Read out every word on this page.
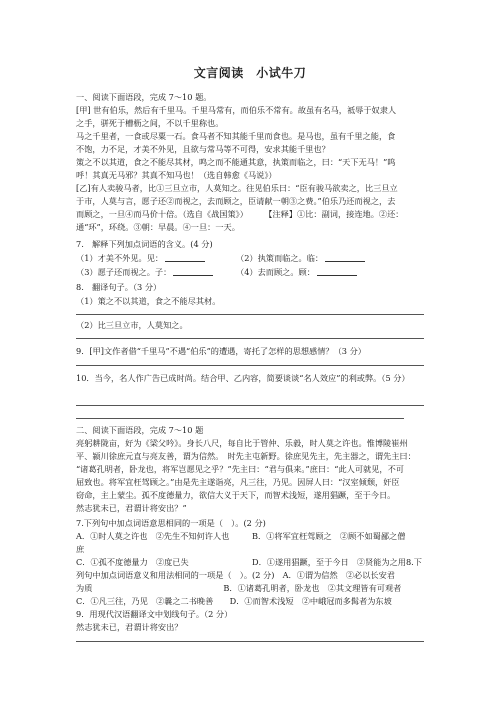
文言阅读　小试牛刀
一、阅读下面语段，完成 7～10 题。
[甲] 世有伯乐，然后有千里马。千里马常有，而伯乐不常有。故虽有名马，祗辱于奴隶人
之手，骈死于槽枥之间，不以千里称也。
马之千里者，一食或尽粟一石。食马者不知其能千里而食也。是马也，虽有千里之能，食
不饱，力不足，才美不外见，且欲与常马等不可得，安求其能千里也？
策之不以其道，食之不能尽其材，鸣之而不能通其意，执策而临之，曰：“天下无马！”呜
呼！其真无马邪？其真不知马也！（选自韩愈《马说》）
[乙]有人卖骏马者，比①三旦立市，人莫知之。往见伯乐曰：“臣有骏马欲卖之，比三旦立
于市，人莫与言，愿子还②而视之，去而顾之，臣请献一朝③之费。”伯乐乃还而视之，去
而顾之，一旦④而马价十倍。（选自《战国策》）　　　【注释】①比：副词，接连地。②还：
通“环”，环绕。③朝：早晨。④一旦：一天。
7.　解释下列加点词语的含义。(4 分)
（1）才美不外见。见：	（2）执策而临之。临：
（3）愿子还而视之。子：	（4）去而顾之。顾：
8.　翻译句子。（3 分）
（1）策之不以其道，食之不能尽其材。
（2）比三旦立市，人莫知之。
9．[甲]文作者借“千里马”不遇“伯乐”的遭遇，寄托了怎样的思想感情？（3 分）
10．当今，名人作广告已成时尚。结合甲、乙内容，简要谈谈“名人效应”的利或弊。（5 分）
二、阅读下面语段，完成 7～10 题
亮躬耕陇亩，好为《梁父吟》。身长八尺，每自比于管仲、乐毅，时人莫之许也。惟博陵崔州
平、颍川徐庶元直与亮友善，谓为信然。　时先主屯新野。徐庶见先主，先主器之，谓先主曰：
“诸葛孔明者，卧龙也，将军岂愿见之乎？”先主曰：“君与俱来。”庶曰：“此人可就见，不可
屈致也。将军宜枉驾顾之。”由是先主遂诣亮，凡三往，乃见。因屏人曰：“汉室倾颓，奸臣
窃命，主上蒙尘。孤不度德量力，欲信大义于天下，而智术浅短，遂用猖蹶，至于今日。
然志犹未已，君谓计将安出？”
7.下列句中加点词语意思相同的一项是（　）。(2 分)
A．①时人莫之许也　②先生不知何许人也	B．①将军宜枉驾顾之　②顾不如蜀鄙之僧
庶
C．①孤不度德量力　②度已失	D．①遂用猖蹶，至于今日　②贤能为之用8.下
列句中加点词语意义和用法相同的一项是（　）。(2 分)　A．①谓为信然　②必以长安君
为质　　　　　　　　　　　　　　　　B．①诸葛孔明者，卧龙也　②其文理皆有可观者
C．①凡三往，乃见　②曩之二书晚善　　D．①而智术浅短　②中峨冠而多髯者为东坡
9．用现代汉语翻译文中划线句子。（2 分）
然志犹未已，君谓计将安出？
